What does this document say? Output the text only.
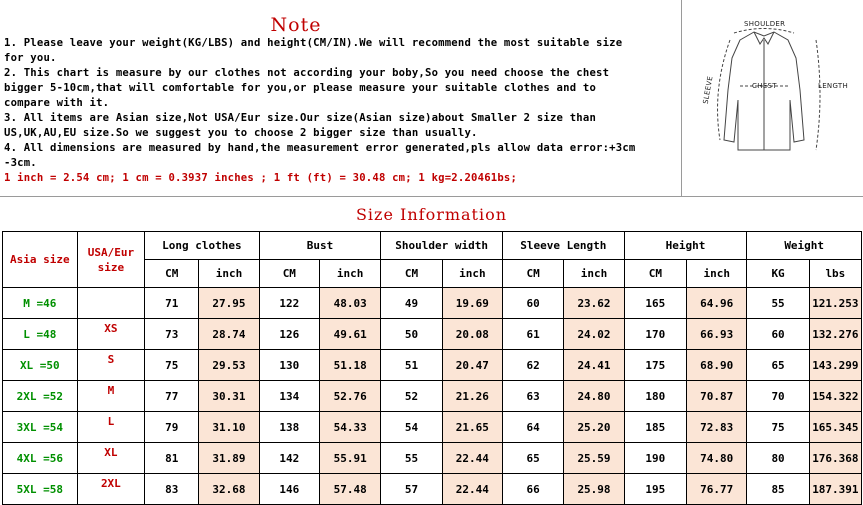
Note
1. Please leave your weight(KG/LBS) and height(CM/IN).We will recommend the most suitable size
for you.
2. This chart is measure by our clothes not according your boby,So you need choose the chest
bigger 5-10cm,that will comfortable for you,or please measure your suitable clothes and to
compare with it.
3. All items are Asian size,Not USA/Eur size.Our size(Asian size)about Smaller 2 size than
US,UK,AU,EU size.So we suggest you to choose 2 bigger size than usually.
4. All dimensions are measured by hand,the measurement error generated,pls allow data error:+3cm
-3cm.
1 inch = 2.54 cm; 1 cm = 0.3937 inches ; 1 ft (ft) = 30.48 cm; 1 kg=2.20461bs;
SHOULDER
CHEST
SLEEVE	LENGTH
Size Information
Asia size	USA/Eur size	Long clothes		Bust		Shoulder width		Sleeve Length		Height		Weight	
		CM	inch	CM	inch	CM	inch	CM	inch	CM	inch	KG	lbs
M =46		71	27.95	122	48.03	49	19.69	60	23.62	165	64.96	55	121.253
L =48	XS	73	28.74	126	49.61	50	20.08	61	24.02	170	66.93	60	132.276
XL =50	S	75	29.53	130	51.18	51	20.47	62	24.41	175	68.90	65	143.299
2XL =52	M	77	30.31	134	52.76	52	21.26	63	24.80	180	70.87	70	154.322
3XL =54	L	79	31.10	138	54.33	54	21.65	64	25.20	185	72.83	75	165.345
4XL =56	XL	81	31.89	142	55.91	55	22.44	65	25.59	190	74.80	80	176.368
5XL =58	2XL	83	32.68	146	57.48	57	22.44	66	25.98	195	76.77	85	187.391
